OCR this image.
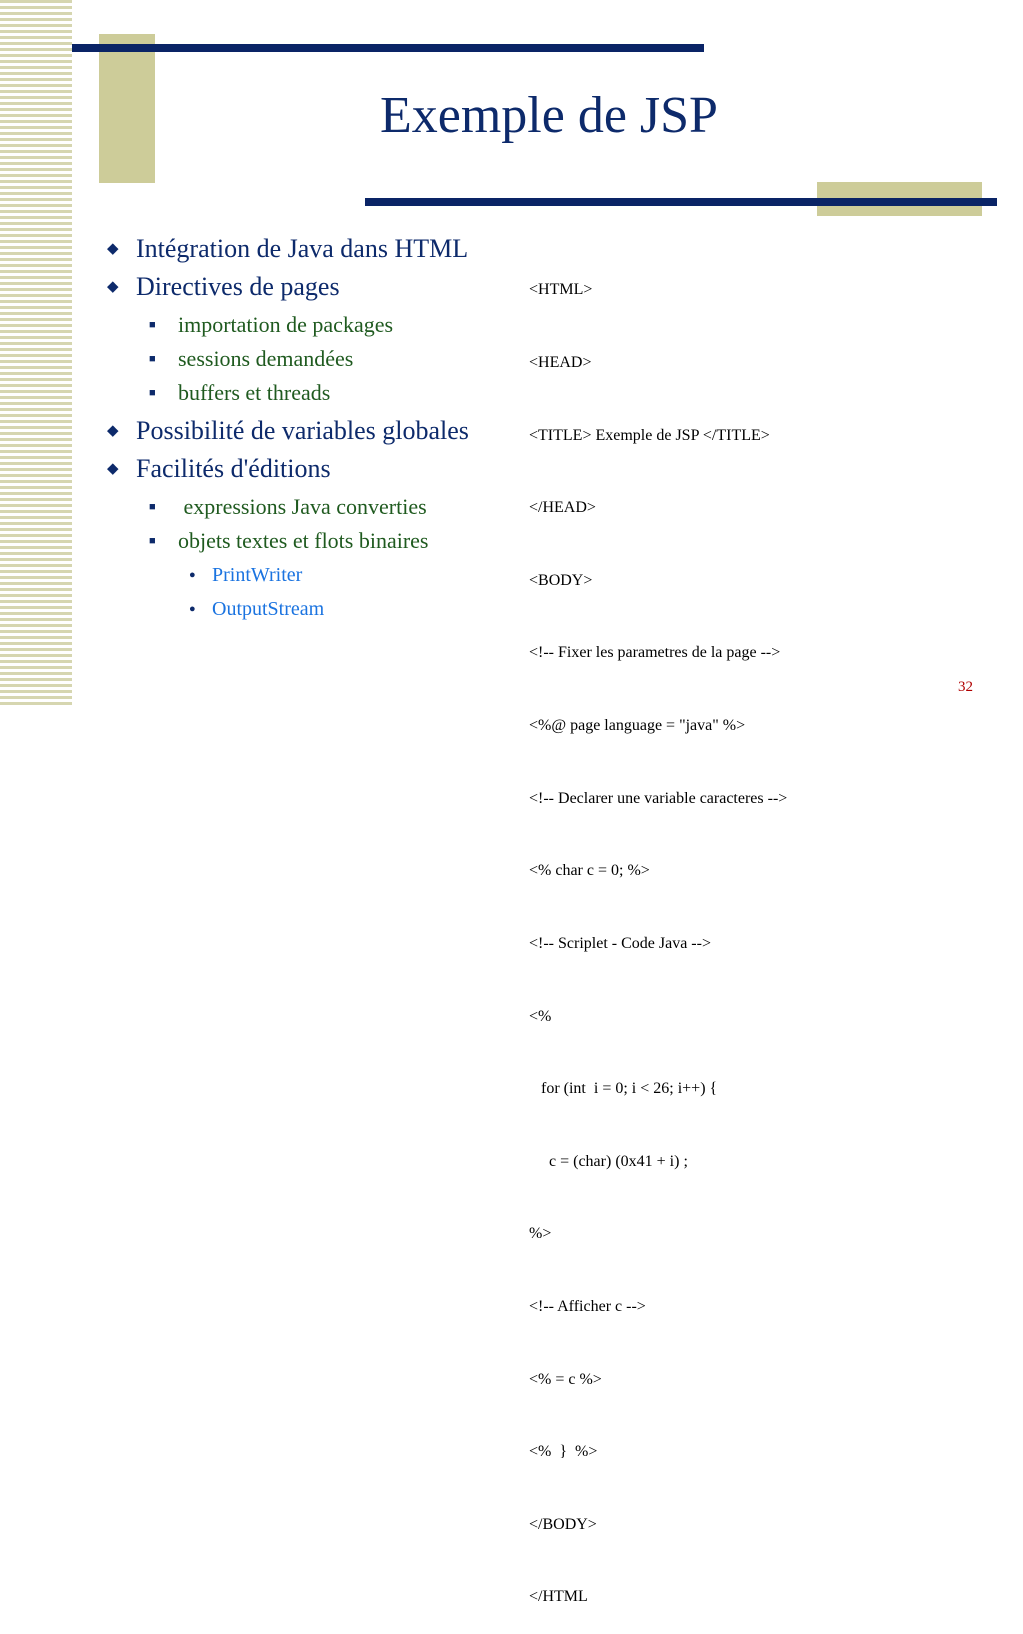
Exemple de JSP
◆ Intégration de Java dans HTML
◆ Directives de pages
■ importation de packages
■ sessions demandées
■ buffers et threads
◆ Possibilité de variables globales
◆ Facilités d'éditions
■ expressions Java converties
■ objets textes et flots binaires
● PrintWriter
● OutputStream

<HTML>

<HEAD>

<TITLE> Exemple de JSP </TITLE>

</HEAD>

<BODY>

<!-- Fixer les parametres de la page -->

<%@ page language = "java" %>

<!-- Declarer une variable caracteres -->

<% char c = 0; %>

<!-- Scriplet - Code Java -->

<%

for (int  i = 0; i < 26; i++) {

c = (char) (0x41 + i) ;

%>

<!-- Afficher c -->

<% = c %>

<%  }  %>

</BODY>

</HTML

32
